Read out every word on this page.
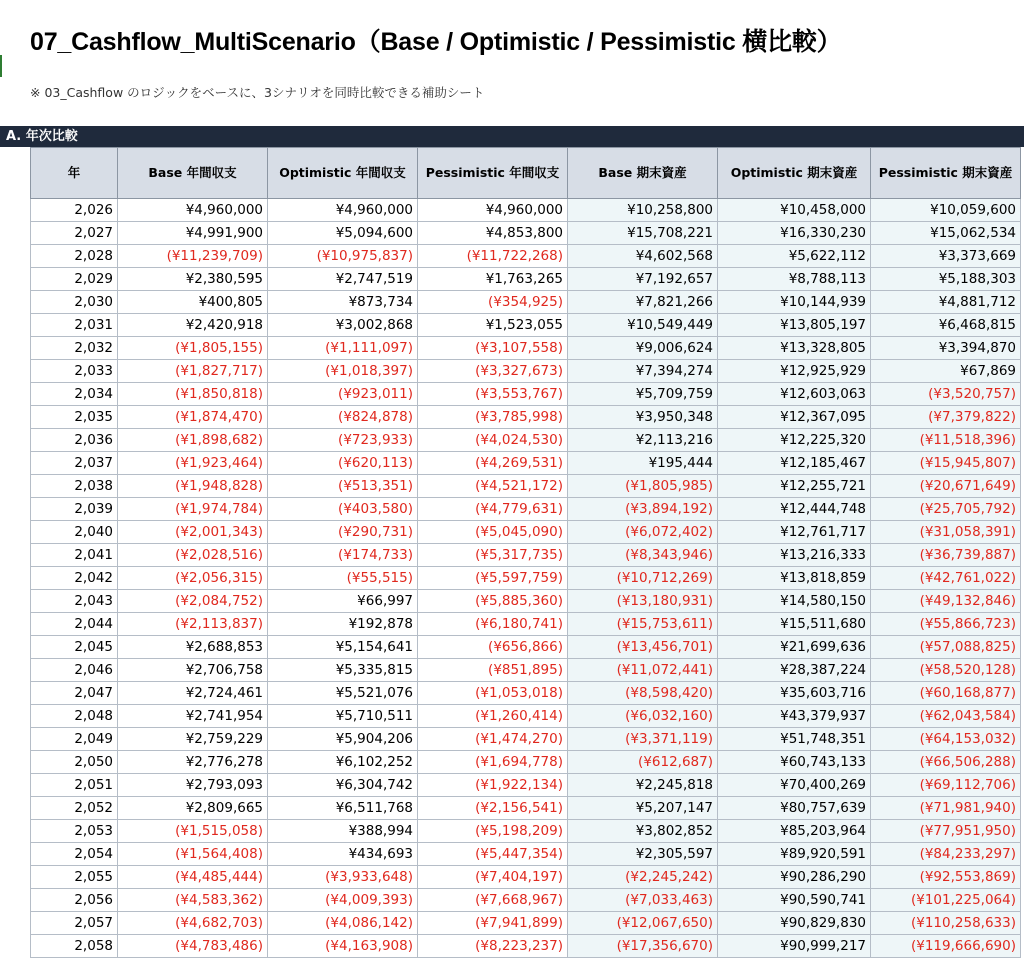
07_Cashflow_MultiScenario（Base / Optimistic / Pessimistic 横比較）
※ 03_Cashflow のロジックをベースに、3シナリオを同時比較できる補助シート
A. 年次比較
年	Base 年間収支	Optimistic 年間収支	Pessimistic 年間収支	Base 期末資産	Optimistic 期末資産	Pessimistic 期末資産
2,026	¥4,960,000	¥4,960,000	¥4,960,000	¥10,258,800	¥10,458,000	¥10,059,600
2,027	¥4,991,900	¥5,094,600	¥4,853,800	¥15,708,221	¥16,330,230	¥15,062,534
2,028	(¥11,239,709)	(¥10,975,837)	(¥11,722,268)	¥4,602,568	¥5,622,112	¥3,373,669
2,029	¥2,380,595	¥2,747,519	¥1,763,265	¥7,192,657	¥8,788,113	¥5,188,303
2,030	¥400,805	¥873,734	(¥354,925)	¥7,821,266	¥10,144,939	¥4,881,712
2,031	¥2,420,918	¥3,002,868	¥1,523,055	¥10,549,449	¥13,805,197	¥6,468,815
2,032	(¥1,805,155)	(¥1,111,097)	(¥3,107,558)	¥9,006,624	¥13,328,805	¥3,394,870
2,033	(¥1,827,717)	(¥1,018,397)	(¥3,327,673)	¥7,394,274	¥12,925,929	¥67,869
2,034	(¥1,850,818)	(¥923,011)	(¥3,553,767)	¥5,709,759	¥12,603,063	(¥3,520,757)
2,035	(¥1,874,470)	(¥824,878)	(¥3,785,998)	¥3,950,348	¥12,367,095	(¥7,379,822)
2,036	(¥1,898,682)	(¥723,933)	(¥4,024,530)	¥2,113,216	¥12,225,320	(¥11,518,396)
2,037	(¥1,923,464)	(¥620,113)	(¥4,269,531)	¥195,444	¥12,185,467	(¥15,945,807)
2,038	(¥1,948,828)	(¥513,351)	(¥4,521,172)	(¥1,805,985)	¥12,255,721	(¥20,671,649)
2,039	(¥1,974,784)	(¥403,580)	(¥4,779,631)	(¥3,894,192)	¥12,444,748	(¥25,705,792)
2,040	(¥2,001,343)	(¥290,731)	(¥5,045,090)	(¥6,072,402)	¥12,761,717	(¥31,058,391)
2,041	(¥2,028,516)	(¥174,733)	(¥5,317,735)	(¥8,343,946)	¥13,216,333	(¥36,739,887)
2,042	(¥2,056,315)	(¥55,515)	(¥5,597,759)	(¥10,712,269)	¥13,818,859	(¥42,761,022)
2,043	(¥2,084,752)	¥66,997	(¥5,885,360)	(¥13,180,931)	¥14,580,150	(¥49,132,846)
2,044	(¥2,113,837)	¥192,878	(¥6,180,741)	(¥15,753,611)	¥15,511,680	(¥55,866,723)
2,045	¥2,688,853	¥5,154,641	(¥656,866)	(¥13,456,701)	¥21,699,636	(¥57,088,825)
2,046	¥2,706,758	¥5,335,815	(¥851,895)	(¥11,072,441)	¥28,387,224	(¥58,520,128)
2,047	¥2,724,461	¥5,521,076	(¥1,053,018)	(¥8,598,420)	¥35,603,716	(¥60,168,877)
2,048	¥2,741,954	¥5,710,511	(¥1,260,414)	(¥6,032,160)	¥43,379,937	(¥62,043,584)
2,049	¥2,759,229	¥5,904,206	(¥1,474,270)	(¥3,371,119)	¥51,748,351	(¥64,153,032)
2,050	¥2,776,278	¥6,102,252	(¥1,694,778)	(¥612,687)	¥60,743,133	(¥66,506,288)
2,051	¥2,793,093	¥6,304,742	(¥1,922,134)	¥2,245,818	¥70,400,269	(¥69,112,706)
2,052	¥2,809,665	¥6,511,768	(¥2,156,541)	¥5,207,147	¥80,757,639	(¥71,981,940)
2,053	(¥1,515,058)	¥388,994	(¥5,198,209)	¥3,802,852	¥85,203,964	(¥77,951,950)
2,054	(¥1,564,408)	¥434,693	(¥5,447,354)	¥2,305,597	¥89,920,591	(¥84,233,297)
2,055	(¥4,485,444)	(¥3,933,648)	(¥7,404,197)	(¥2,245,242)	¥90,286,290	(¥92,553,869)
2,056	(¥4,583,362)	(¥4,009,393)	(¥7,668,967)	(¥7,033,463)	¥90,590,741	(¥101,225,064)
2,057	(¥4,682,703)	(¥4,086,142)	(¥7,941,899)	(¥12,067,650)	¥90,829,830	(¥110,258,633)
2,058	(¥4,783,486)	(¥4,163,908)	(¥8,223,237)	(¥17,356,670)	¥90,999,217	(¥119,666,690)
